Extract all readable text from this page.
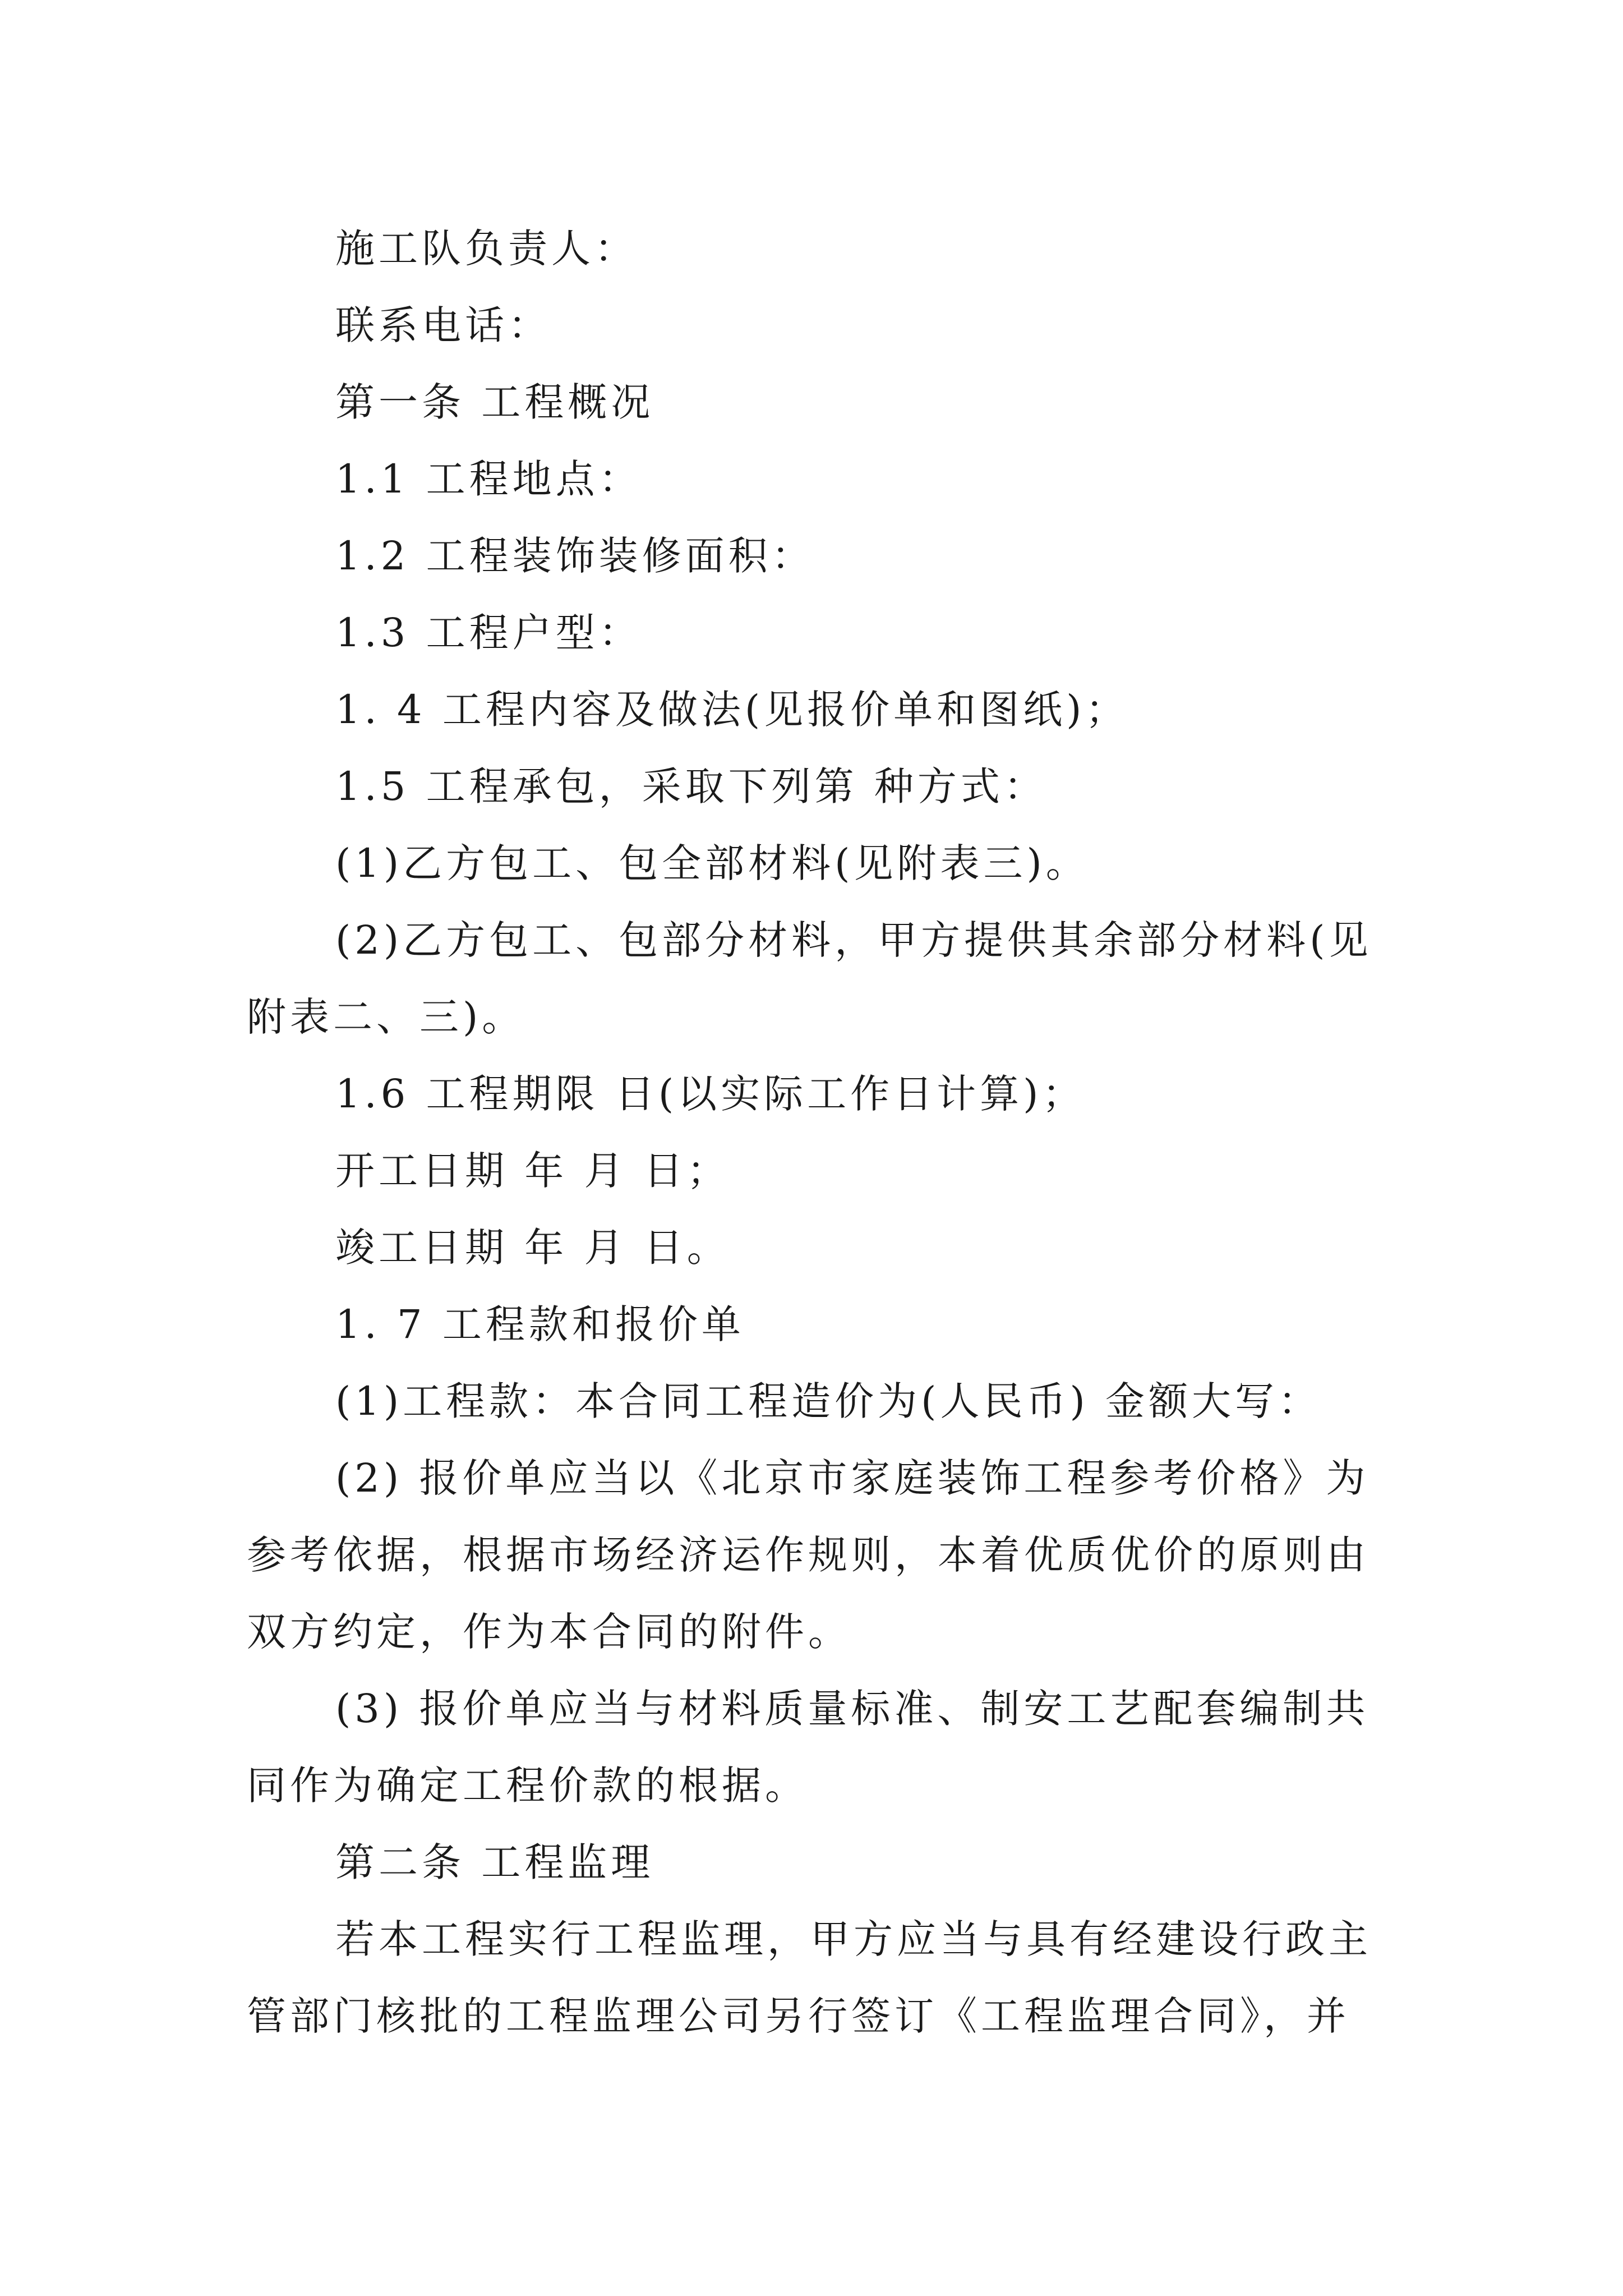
施工队负责人：

联系电话：

第一条 工程概况

1.1 工程地点：

1.2 工程装饰装修面积：

1.3 工程户型：

1. 4 工程内容及做法(见报价单和图纸)；

1.5 工程承包，采取下列第 种方式：

(1)乙方包工、包全部材料(见附表三)。

(2)乙方包工、包部分材料，甲方提供其余部分材料(见附表二、三)。

1.6 工程期限 日(以实际工作日计算)；

开工日期 年 月 日；

竣工日期 年 月 日。

1. 7 工程款和报价单

(1)工程款：本合同工程造价为(人民币) 金额大写：

(2) 报价单应当以《北京市家庭装饰工程参考价格》为参考依据，根据市场经济运作规则，本着优质优价的原则由双方约定，作为本合同的附件。

(3) 报价单应当与材料质量标准、制安工艺配套编制共同作为确定工程价款的根据。

第二条 工程监理

若本工程实行工程监理，甲方应当与具有经建设行政主管部门核批的工程监理公司另行签订《工程监理合同》，并
